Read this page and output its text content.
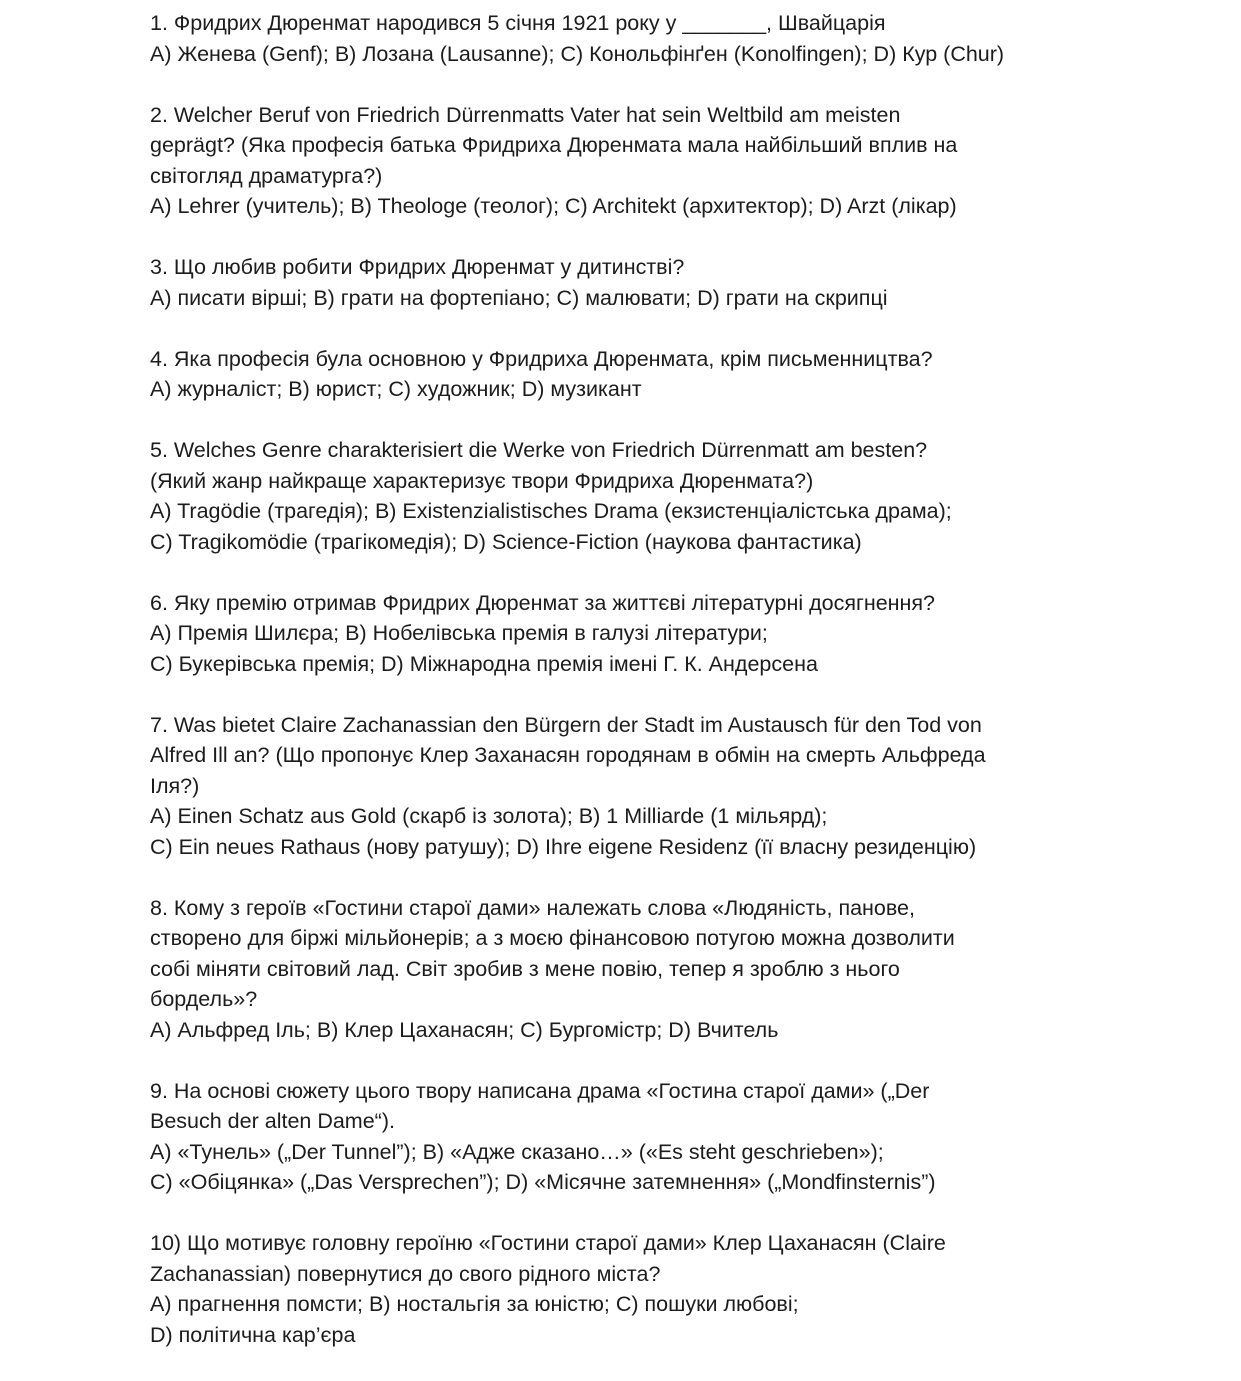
1. Фридрих Дюренмат народився 5 січня 1921 року у _______, Швайцарія
A) Женева (Genf); B) Лозана (Lausanne); C) Конольфінґен (Konolfingen); D) Кур (Chur)
2. Welcher Beruf von Friedrich Dürrenmatts Vater hat sein Weltbild am meisten
geprägt? (Яка професія батька Фридриха Дюренмата мала найбільший вплив на
світогляд драматурга?)
A) Lehrer (учитель); B) Theologe (теолог); C) Architekt (архитектор); D) Arzt (лікар)
3. Що любив робити Фридрих Дюренмат у дитинстві?
A) писати вірші; B) грати на фортепіано; C) малювати; D) грати на скрипці
4. Яка професія була основною у Фридриха Дюренмата, крім письменництва?
A) журналіст; B) юрист; C) художник; D) музикант
5. Welches Genre charakterisiert die Werke von Friedrich Dürrenmatt am besten?
(Який жанр найкраще характеризує твори Фридриха Дюренмата?)
A) Tragödie (трагедія); B) Existenzialistisches Drama (екзистенціалістська драма);
C) Tragikomödie (трагікомедія); D) Science-Fiction (наукова фантастика)
6. Яку премію отримав Фридрих Дюренмат за життєві літературні досягнення?
A) Премія Шилєра; B) Нобелівська премія в галузі літератури;
C) Букерівська премія; D) Міжнародна премія імені Г. К. Андерсена
7. Was bietet Claire Zachanassian den Bürgern der Stadt im Austausch für den Tod von
Alfred Ill an? (Що пропонує Клер Заханасян городянам в обмін на смерть Альфреда
Іля?)
A) Einen Schatz aus Gold (скарб із золота); B) 1 Milliarde (1 мільярд);
C) Ein neues Rathaus (нову ратушу); D) Ihre eigene Residenz (її власну резиденцію)
8. Кому з героїв «Гостини старої дами» належать слова «Людяність, панове,
створено для біржі мільйонерів; а з моєю фінансовою потугою можна дозволити
собі міняти світовий лад. Світ зробив з мене повію, тепер я зроблю з нього
бордель»?
A) Альфред Іль; B) Клер Цаханасян; C) Бургомістр; D) Вчитель
9. На основі сюжету цього твору написана драма «Гостина старої дами» („Der
Besuch der alten Dame“).
A) «Тунель» („Der Tunnel”); B) «Адже сказано…» («Es steht geschrieben»);
C) «Обіцянка» („Das Versprechen”); D) «Місячне затемнення» („Mondfinsternis”)
10) Що мотивує головну героїню «Гостини старої дами» Клер Цаханасян (Claire
Zachanassian) повернутися до свого рідного міста?
A) прагнення помсти; B) ностальгія за юністю; C) пошуки любові;
D) політична кар’єра
